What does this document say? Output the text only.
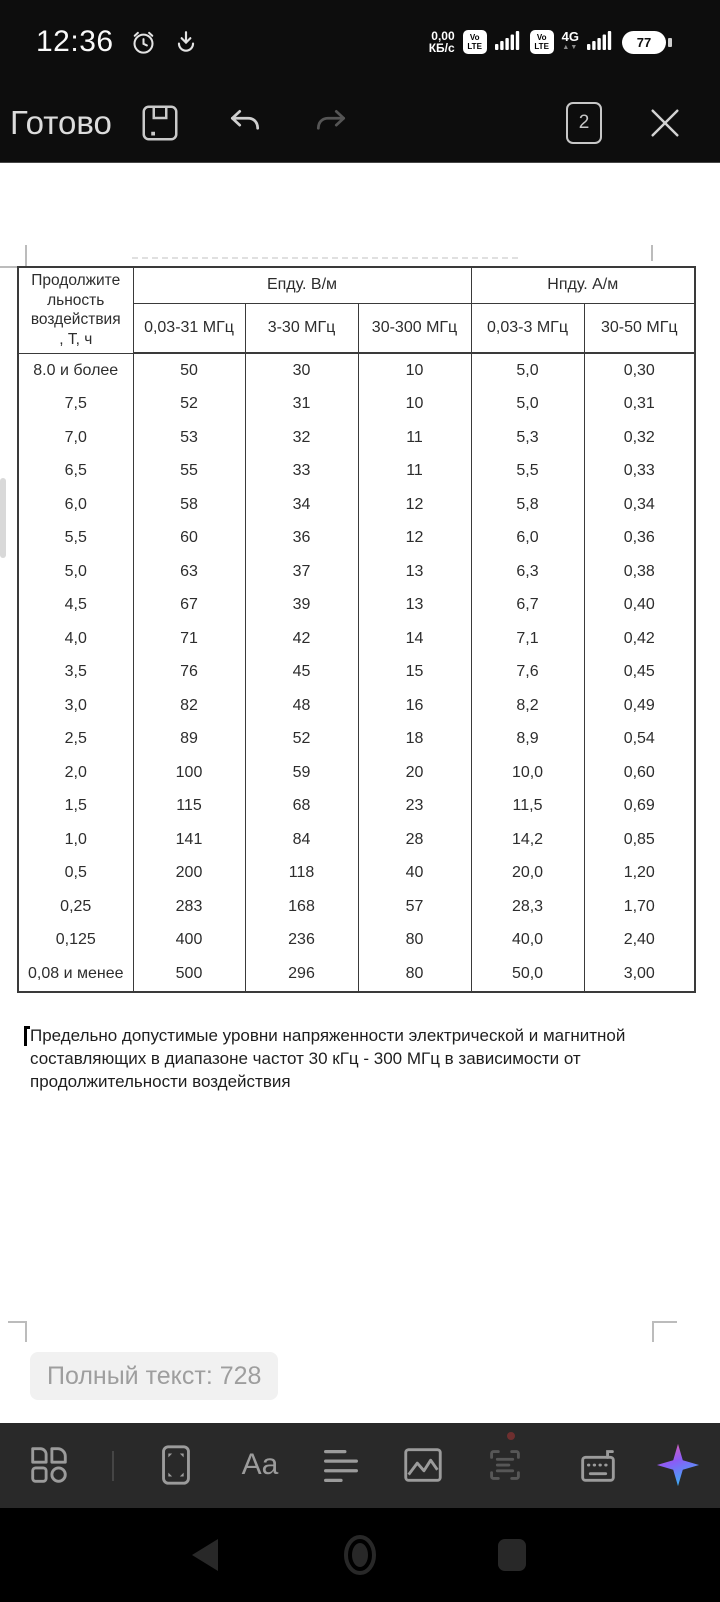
12:36	0,00
КБ/с
Vo
LTE
Vo
LTE
4G
▲▼	77
Готово	2
Продолжите
льность
воздействия
, Т, ч	Епду. В/м			Нпду. А/м	
	0,03-31 МГц	3-30 МГц	30-300 МГц	0,03-3 МГц	30-50 МГц
8.0 и более	50	30	10	5,0	0,30
7,5	52	31	10	5,0	0,31
7,0	53	32	11	5,3	0,32
6,5	55	33	11	5,5	0,33
6,0	58	34	12	5,8	0,34
5,5	60	36	12	6,0	0,36
5,0	63	37	13	6,3	0,38
4,5	67	39	13	6,7	0,40
4,0	71	42	14	7,1	0,42
3,5	76	45	15	7,6	0,45
3,0	82	48	16	8,2	0,49
2,5	89	52	18	8,9	0,54
2,0	100	59	20	10,0	0,60
1,5	115	68	23	11,5	0,69
1,0	141	84	28	14,2	0,85
0,5	200	118	40	20,0	1,20
0,25	283	168	57	28,3	1,70
0,125	400	236	80	40,0	2,40
0,08 и менее	500	296	80	50,0	3,00
Предельно допустимые уровни напряженности электрической и магнитной
составляющих в диапазоне частот 30 кГц - 300 МГц в зависимости от
продолжительности воздействия
Полный текст: 728
Aa
